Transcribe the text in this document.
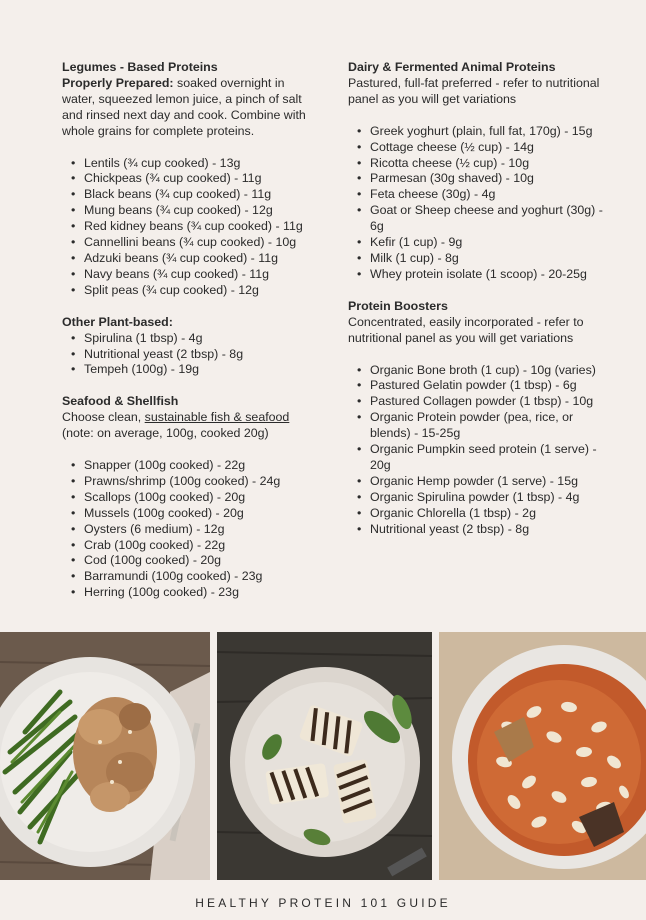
Legumes - Based Proteins

Properly Prepared: soaked overnight in water, squeezed lemon juice, a pinch of salt and rinsed next day and cook. Combine with whole grains for complete proteins.

• Lentils (¾ cup cooked) - 13g
• Chickpeas (¾ cup cooked) - 11g
• Black beans (¾ cup cooked) - 11g
• Mung beans (¾ cup cooked) - 12g
• Red kidney beans (¾ cup cooked) - 11g
• Cannellini beans (¾ cup cooked) - 10g
• Adzuki beans (¾ cup cooked) - 11g
• Navy beans (¾ cup cooked) - 11g
• Split peas (¾ cup cooked) - 12g

Other Plant-based:

• Spirulina (1 tbsp) - 4g
• Nutritional yeast (2 tbsp) - 8g
• Tempeh (100g) - 19g

Seafood & Shellfish

Choose clean, sustainable fish & seafood (note: on average, 100g, cooked 20g)

• Snapper (100g cooked) - 22g
• Prawns/shrimp (100g cooked) - 24g
• Scallops (100g cooked) - 20g
• Mussels (100g cooked) - 20g
• Oysters (6 medium) - 12g
• Crab (100g cooked) - 22g
• Cod (100g cooked) - 20g
• Barramundi (100g cooked) - 23g
• Herring (100g cooked) - 23g

Dairy & Fermented Animal Proteins

Pastured, full-fat preferred - refer to nutritional panel as you will get variations

• Greek yoghurt (plain, full fat, 170g) - 15g
• Cottage cheese (½ cup) - 14g
• Ricotta cheese (½ cup) - 10g
• Parmesan (30g shaved) - 10g
• Feta cheese (30g) - 4g
• Goat or Sheep cheese and yoghurt (30g) - 6g
• Kefir (1 cup) - 9g
• Milk (1 cup) - 8g
• Whey protein isolate (1 scoop) - 20-25g

Protein Boosters

Concentrated, easily incorporated - refer to nutritional panel as you will get variations

• Organic Bone broth (1 cup) - 10g (varies)
• Pastured Gelatin powder (1 tbsp) - 6g
• Pastured Collagen powder (1 tbsp) - 10g
• Organic Protein powder (pea, rice, or blends) - 15-25g
• Organic Pumpkin seed protein (1 serve) - 20g
• Organic Hemp powder (1 serve) - 15g
• Organic Spirulina powder (1 tbsp) - 4g
• Organic Chlorella (1 tbsp) - 2g
• Nutritional yeast (2 tbsp) - 8g
HEALTHY PROTEIN 101 GUIDE
